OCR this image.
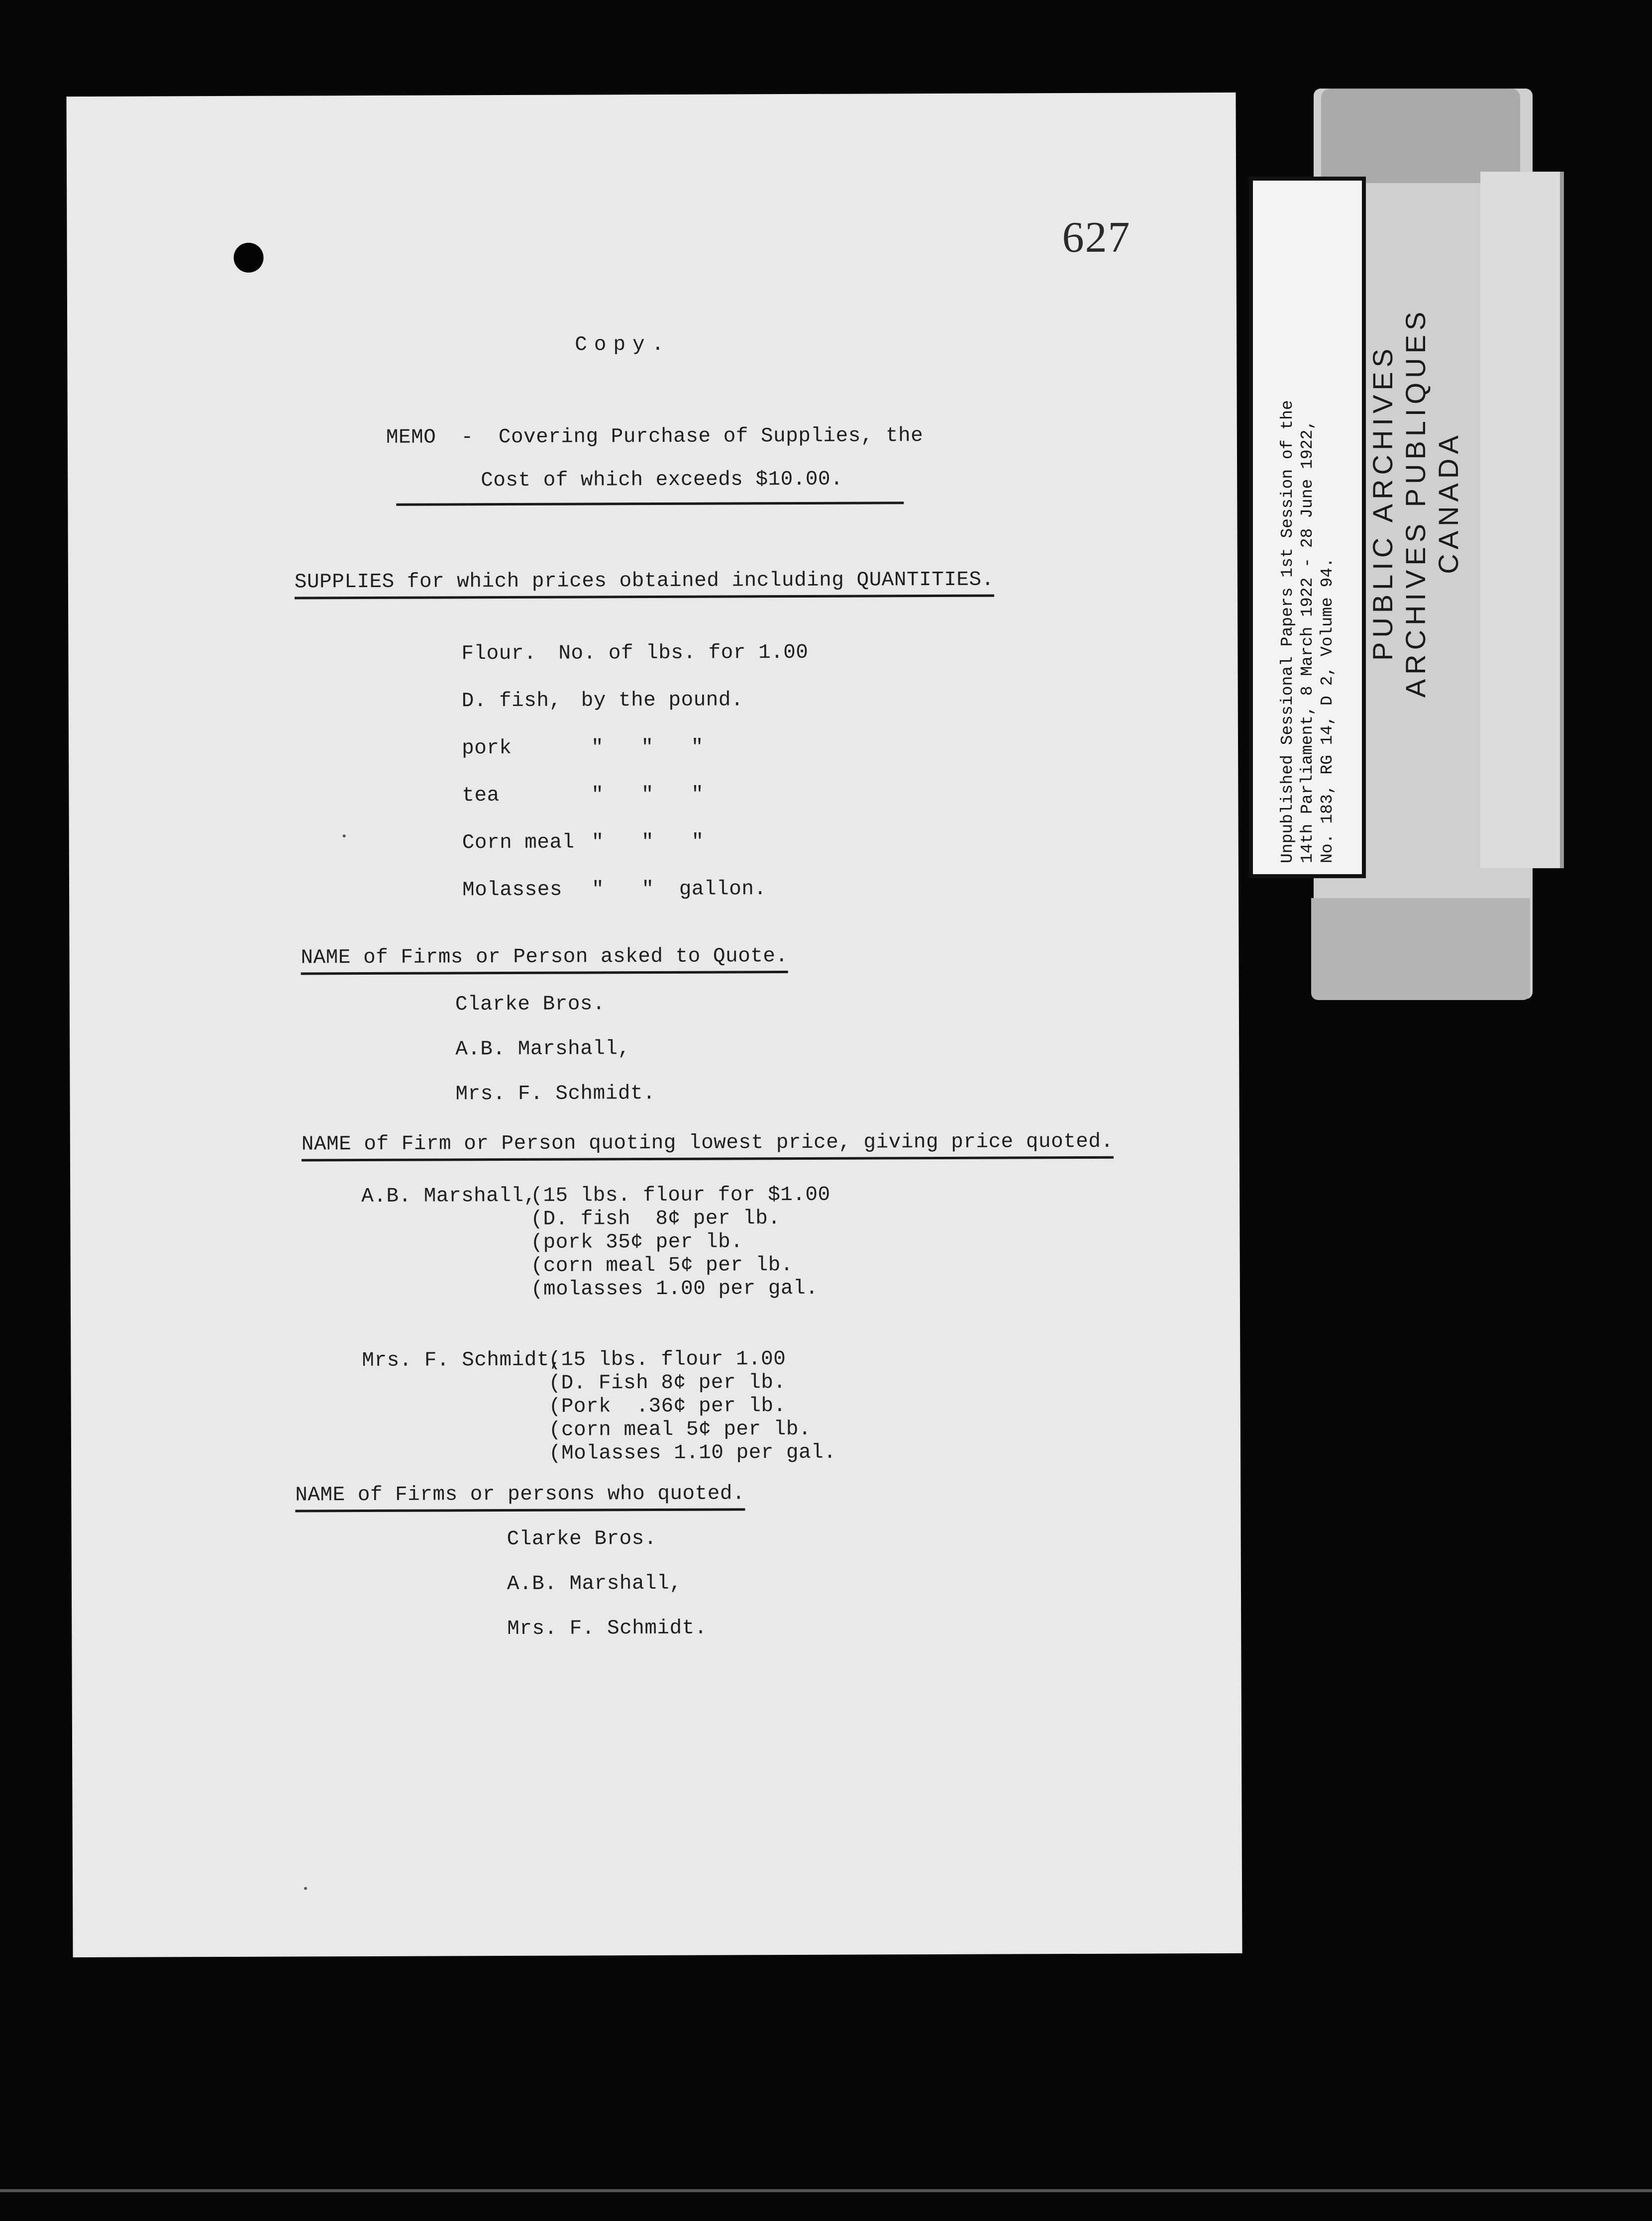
PUBLIC ARCHIVES ARCHIVES PUBLIQUES CANADA
Unpublished Sessional Papers 1st Session of the 14th Parliament, 8 March 1922 - 28 June 1922, No. 183, RG 14, D 2, Volume 94.
627
Copy.
MEMO  -  Covering Purchase of Supplies, the
Cost of which exceeds $10.00.
SUPPLIES for which prices obtained including QUANTITIES.
Flour. No. of lbs. for 1.00
D. fish, by the pound.
pork	"   "   "
tea	"   "   "
Corn meal "   "   "
Molasses "   "  gallon.
NAME of Firms or Person asked to Quote.
Clarke Bros.
A.B. Marshall,
Mrs. F. Schmidt.
NAME of Firm or Person quoting lowest price, giving price quoted.
A.B. Marshall,
(15 lbs. flour for $1.00
(D. fish  8¢ per lb.
(pork 35¢ per lb.
(corn meal 5¢ per lb.
(molasses 1.00 per gal.
Mrs. F. Schmidt,
(15 lbs. flour 1.00
(D. Fish 8¢ per lb.
(Pork  .36¢ per lb.
(corn meal 5¢ per lb.
(Molasses 1.10 per gal.
NAME of Firms or persons who quoted.
Clarke Bros.
A.B. Marshall,
Mrs. F. Schmidt.
